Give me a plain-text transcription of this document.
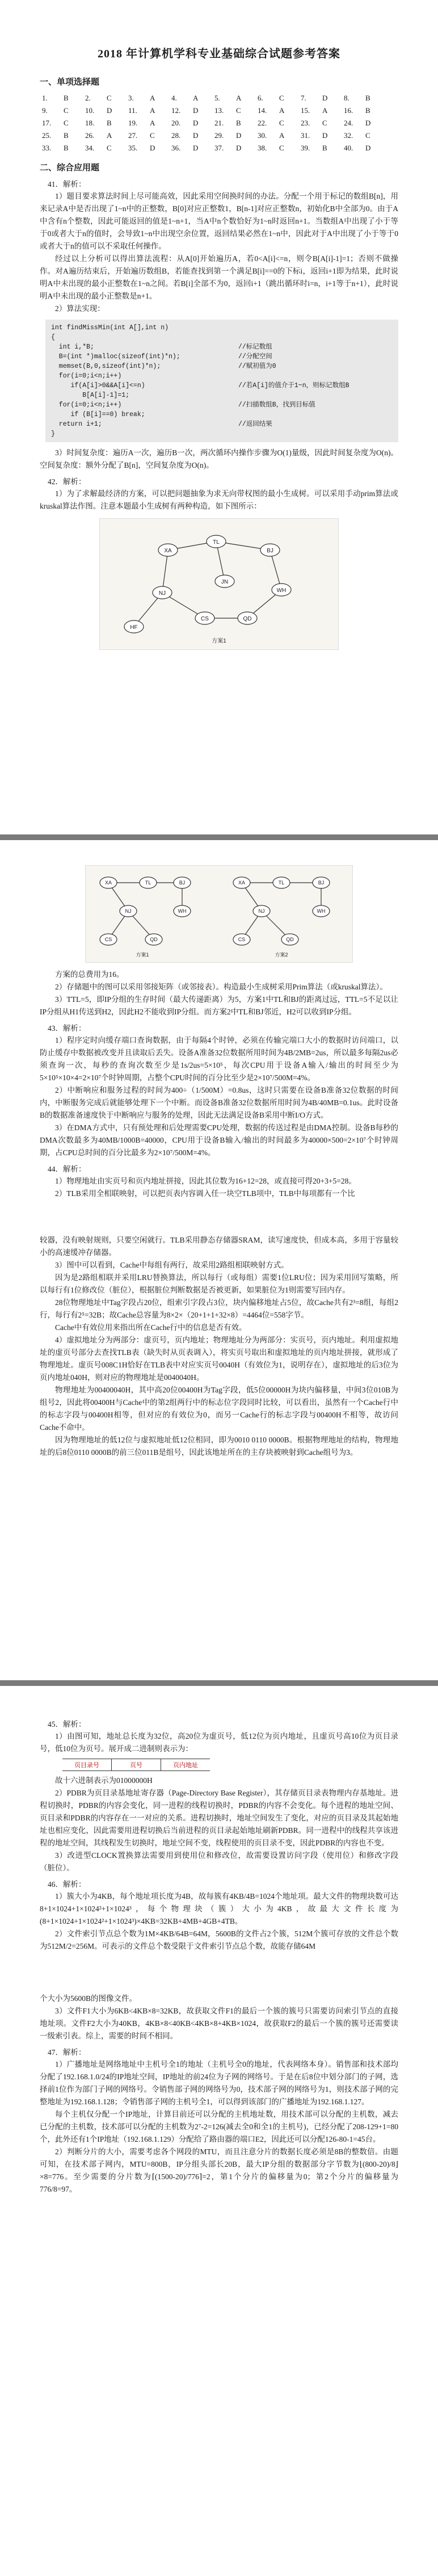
2018 年计算机学科专业基础综合试题参考答案
一、单项选择题
1.	B	2.	C	3.	A	4.	A	5.	A	6.	C	7.	D	8.	B
9.	C	10.	D	11.	A	12.	D	13.	C	14.	A	15.	A	16.	B
17.	C	18.	B	19.	A	20.	D	21.	B	22.	C	23.	C	24.	D
25.	B	26.	A	27.	C	28.	D	29.	D	30.	A	31.	D	32.	C
33.	B	34.	C	35.	D	36.	D	37.	D	38.	C	39.	B	40.	D
二、综合应用题
41．解析：

1）题目要求算法时间上尽可能高效，因此采用空间换时间的办法。分配一个用于标记的数组B[n]，用来记录A中是否出现了1~n中的正整数，B[0]对应正整数1，B[n-1]对应正整数n，初始化B中全部为0。由于A中含有n个整数，因此可能返回的值是1~n+1，当A中n个数恰好为1~n时返回n+1。当数组A中出现了小于等于0或者大于n的值时，会导致1~n中出现空余位置，返回结果必然在1~n中，因此对于A中出现了小于等于0或者大于n的值可以不采取任何操作。

经过以上分析可以得出算法流程：从A[0]开始遍历A，若0<A[i]<=n，则令B[A[i]-1]=1；否则不做操作。对A遍历结束后，开始遍历数组B，若能查找到第一个满足B[i]==0的下标i，返回i+1即为结果，此时说明A中未出现的最小正整数在1~n之间。若B[i]全部不为0，返回i+1（跳出循环时i=n，i+1等于n+1），此时说明A中未出现的最小正整数是n+1。

2）算法实现：

int findMissMin(int A[],int n)
{
int i,*B;	//标记数组
B=(int *)malloc(sizeof(int)*n);	//分配空间
memset(B,0,sizeof(int)*n);	//赋初值为0
for(i=0;i<n;i++)
if(A[i]>0&&A[i]<=n)	//若A[i]的值介于1~n，则标记数组B
B[A[i]-1]=1;
for(i=0;i<n;i++)	//扫描数组B，找到目标值
if (B[i]==0) break;
return i+1;	//返回结果
}

3）时间复杂度：遍历A一次，遍历B一次，两次循环内操作步骤为O(1)量级，因此时间复杂度为O(n)。空间复杂度：额外分配了B[n]，空间复杂度为O(n)。

42．解析：

1）为了求解最经济的方案，可以把问题抽象为求无向带权图的最小生成树。可以采用手动prim算法或kruskal算法作图。注意本题最小生成树有两种构造，如下图所示：

XA
TL
BJ
NJ	WH
CS	QD
HF
JN
方案1
XA	TL	BJ
NJ
CS	QD
WH
XA	TL	BJ
NJ
CS	QD
WH
方案1	方案2

方案的总费用为16。

2）存储题中的图可以采用邻接矩阵（或邻接表）。构造最小生成树采用Prim算法（或kruskal算法）。

3）TTL=5，即IP分组的生存时间（最大传递距离）为5，方案1中TL和BJ的距离过远，TTL=5不足以让IP分组从H1传送到H2，因此H2不能收到IP分组。而方案2中TL和BJ邻近，H2可以收到IP分组。

43．解析：

1）程序定时向缓存端口查询数据，由于每隔4个时钟，必须在传输完端口大小的数据时访问端口，以防止缓存中数据被改变并且读取后丢失。设备A准备32位数据所用时间为4B/2MB=2us，所以最多每隔2us必须查询一次，每秒的查询次数至少是1s/2us=5×10⁵，每次CPU用于设备A输入/输出的时间至少为5×10⁵×10×4=2×10⁷个时钟周期，占整个CPU时间的百分比至少是2×10⁷/500M=4%。

2）中断响应和服务过程的时间为400÷（1/500M）=0.8us，这时只需要在设备B准备32位数据的时间内，中断服务完成后就能够处理下一个中断。而设备B准备32位数据所用时间为4B/40MB=0.1us。此时设备B的数据准备速度快于中断响应与服务的处理，因此无法满足设备B采用中断I/O方式。

3）在DMA方式中，只有预处理和后处理需要CPU处理，数据的传送过程是由DMA控制。设备B每秒的DMA次数最多为40MB/1000B=40000，CPU用于设备B输入/输出的时间最多为40000×500=2×10⁷个时钟周期，占CPU总时间的百分比最多为2×10⁷/500M=4%。

44．解析：

1）物理地址由实页号和页内地址拼接，因此其位数为16+12=28，或直接可得20+3+5=28。

2）TLB采用全相联映射，可以把页表内容调入任一块空TLB项中，TLB中每项都有一个比

较器，没有映射规则，只要空闲就行。TLB采用静态存储器SRAM，读写速度快，但成本高，多用于容量较小的高速缓冲存储器。

3）图中可以看到，Cache中每组有两行，故采用2路组相联映射方式。

因为是2路组相联并采用LRU替换算法，所以每行（或每组）需要1位LRU位；因为采用回写策略，所以每行有1位修改位（脏位），根据脏位判断数据是否被更新，如果脏位为1则需要写回内存。

28位物理地址中Tag字段占20位，组索引字段占3位，块内偏移地址占5位，故Cache共有2³=8组，每组2行，每行有2⁵=32B；故Cache总容量为8×2×（20+1+1+32×8）=4464位=558字节。

Cache中有效位用来指出所在Cache行中的信息是否有效。

4）虚拟地址分为两部分：虚页号，页内地址；物理地址分为两部分：实页号，页内地址。利用虚拟地址的虚页号部分去查找TLB表（缺失时从页表调入），将实页号取出和虚拟地址的页内地址拼接，就形成了物理地址。虚页号008C1H恰好在TLB表中对应实页号0040H（有效位为1，说明存在），虚拟地址的后3位为页内地址040H，则对应的物理地址是0040040H。

物理地址为00400040H，其中高20位00400H为Tag字段，低5位00000H为块内偏移量，中间3位010B为组号2，因此将00400H与Cache中的第2组两行中的标志位字段同时比较，可以看出，虽然有一个Cache行中的标志字段与00400H相等，但对应的有效位为0，而另一Cache行的标志字段与00400H不相等，故访问Cache不命中。

因为物理地址的低12位与虚拟地址低12位相同，即为0010 0110 0000B。根据物理地址的结构，物理地址的后8位0110 0000B的前三位011B是组号，因此该地址所在的主存块被映射到Cache组号为3。

45．解析：

1）由图可知，地址总长度为32位，高20位为虚页号，低12位为页内地址，且虚页号高10位为页目录号，低10位为页号。展开成二进制则表示为：

页目录号	页号	页内地址

故十六进制表示为01000000H

2）PDBR为页目录基地址寄存器（Page-Directory Base Register），其存储页目录表物理内存基地址。进程切换时，PDBR的内容会变化，同一进程的线程切换时，PDBR的内容不会变化。每个进程的地址空间、页目录和PDBR的内容存在一一对应的关系。进程切换时，地址空间发生了变化，对应的页目录及其起始地址也相应变化，因此需要用进程切换后当前进程的页目录起始地址刷新PDBR。同一进程中的线程共享该进程的地址空间，其线程发生切换时，地址空间不变，线程使用的页目录不变，因此PDBR的内容也不变。

3）改进型CLOCK置换算法需要用到使用位和修改位，故需要设置访问字段（使用位）和修改字段（脏位）。

46．解析：

1）簇大小为4KB，每个地址项长度为4B，故每簇有4KB/4B=1024个地址项。最大文件的物理块数可达8+1×1024+1×1024²+1×1024³，每个物理块（簇）大小为4KB，故最大文件长度为(8+1×1024+1×1024²+1×1024³)×4KB=32KB+4MB+4GB+4TB。

2）文件索引节点总个数为1M×4KB/64B=64M，5600B的文件占2个簇，512M个簇可存放的文件总个数为512M/2=256M。可表示的文件总个数受限于文件索引节点总个数，故能存储64M

个大小为5600B的图像文件。

3）文件F1大小为6KB<4KB×8=32KB，故获取文件F1的最后一个簇的簇号只需要访问索引节点的直接地址项。文件F2大小为40KB，4KB×8<40KB<4KB×8+4KB×1024，故获取F2的最后一个簇的簇号还需要读一级索引表。综上，需要的时间不相同。

47．解析：

1）广播地址是网络地址中主机号全1的地址（主机号全0的地址，代表网络本身）。销售部和技术部均分配了192.168.1.0/24的IP地址空间，IP地址的前24位为子网的网络号。于是在后8位中划分部门的子网，选择前1位作为部门子网的网络号。令销售部子网的网络号为0，技术部子网的网络号为1，则技术部子网的完整地址为192.168.1.128；令销售部子网的主机号全1，可以得到该部门的广播地址为192.168.1.127。

每个主机仅分配一个IP地址，计算目前还可以分配的主机地址数，用技术部可以分配的主机数，减去已分配的主机数，技术部可以分配的主机数为2⁷-2=126(减去全0和全1的主机号)，已经分配了208-129+1=80个，此外还有1个IP地址（192.168.1.129）分配给了路由器的端口E2，因此还可以分配126-80-1=45台。

2）判断分片的大小，需要考虑各个网段的MTU，而且注意分片的数据长度必须是8B的整数倍。由题可知，在技术部子网内，MTU=800B，IP分组头部长20B，最大IP分组的数据部分字节数为⌊(800-20)/8⌋×8=776。至少需要的分片数为⌈(1500-20)/776⌉=2，第1个分片的偏移量为0；第2个分片的偏移量为776/8=97。
